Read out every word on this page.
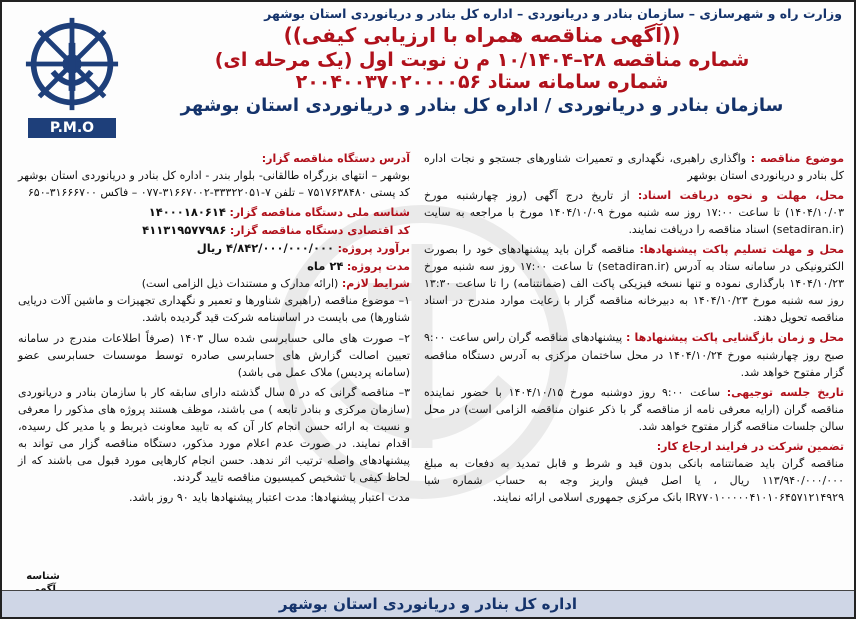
P.M.O
وزارت راه و شهرسازی – سازمان بنادر و دریانوردی – اداره کل بنادر و دریانوردی استان بوشهر
((آگهی مناقصه همراه با ارزیابی کیفی))
شماره مناقصه ۲۸–۱۰/۱۴۰۴ م ن نوبت اول (یک مرحله ای)
شماره سامانه ستاد ۲۰۰۴۰۰۳۷۰۲۰۰۰۰۵۶
سازمان بنادر و دریانوردی / اداره کل بنادر و دریانوردی استان بوشهر
موضوع مناقصه : واگذاری راهبری، نگهداری و تعمیرات شناورهای جستجو و نجات اداره کل بنادر و دریانوردی استان بوشهر
محل، مهلت و نحوه دریافت اسناد: از تاریخ درج آگهی (روز چهارشنبه مورخ ۱۴۰۴/۱۰/۰۳) تا ساعت ۱۷:۰۰ روز سه شنبه مورخ ۱۴۰۴/۱۰/۰۹ مورخ با مراجعه به سایت (setadiran.ir) اسناد مناقصه را دریافت نمایند.
محل و مهلت تسلیم پاکت پیشنهادها: مناقصه گران باید پیشنهادهای خود را بصورت الکترونیکی در سامانه ستاد به آدرس (setadiran.ir) تا ساعت ۱۷:۰۰ روز سه شنبه مورخ ۱۴۰۴/۱۰/۲۳ بارگذاری نموده و تنها نسخه فیزیکی پاکت الف (ضمانتنامه) را تا ساعت ۱۳:۳۰ روز سه شنبه مورخ ۱۴۰۴/۱۰/۲۳ به دبیرخانه مناقصه گزار با رعایت موارد مندرج در اسناد مناقصه تحویل دهند.
محل و زمان بازگشایی پاکت پیشنهادها : پیشنهادهای مناقصه گران راس ساعت ۹:۰۰ صبح روز چهارشنبه مورخ ۱۴۰۴/۱۰/۲۴ در محل ساختمان مرکزی به آدرس دستگاه مناقصه گزار مفتوح خواهد شد.
تاریخ جلسه توجیهی: ساعت ۹:۰۰ روز دوشنبه مورخ ۱۴۰۴/۱۰/۱۵ با حضور نماینده مناقصه گران (ارایه معرفی نامه از مناقصه گر با ذکر عنوان مناقصه الزامی است) در محل سالن جلسات مناقصه گزار مفتوح خواهد شد.
تضمین شرکت در فرایند ارجاع کار:
مناقصه گران باید ضمانتنامه بانکی بدون قید و شرط و قابل تمدید به دفعات به مبلغ ۱۱۳/۹۴۰/۰۰۰/۰۰۰ ریال ، یا اصل فیش واریز وجه به حساب شماره شبا IR۷۷۰۱۰۰۰۰۰۴۱۰۱۰۶۴۵۷۱۲۱۴۹۲۹ بانک مرکزی جمهوری اسلامی ارائه نمایند.
آدرس دستگاه مناقصه گزار:
بوشهر – انتهای بزرگراه طالقانی- بلوار بندر - اداره کل بنادر و دریانوردی استان بوشهر کد پستی ۷۵۱۷۶۳۸۴۸۰ – تلفن ۷-۳۳۳۲۲۰۵۱-۳۱۶۶۷۰۰۲-۰۷۷ – فاکس ۳۱۶۶۶۷۰۰-۶۵۰
شناسه ملی دستگاه مناقصه گزار: ۱۴۰۰۰۱۸۰۶۱۴
کد اقتصادی دستگاه مناقصه گزار: ۴۱۱۳۱۹۵۷۷۹۸۶
برآورد پروژه: ۴/۸۴۲/۰۰۰/۰۰۰/۰۰۰ ریال
مدت پروژه: ۲۴ ماه
شرایط لازم: (ارائه مدارک و مستندات ذیل الزامی است)
۱– موضوع مناقصه (راهبری شناورها و تعمیر و نگهداری تجهیزات و ماشین آلات دریایی شناورها) می بایست در اساسنامه شرکت قید گردیده باشد.
۲– صورت های مالی حسابرسی شده سال ۱۴۰۳ (صرفاً اطلاعات مندرج در سامانه تعیین اصالت گزارش های حسابرسی صادره توسط موسسات حسابرسی عضو (سامانه پردیس) ملاک عمل می باشد)
۳– مناقصه گرانی که در ۵ سال گذشته دارای سابقه کار با سازمان بنادر و دریانوردی (سازمان مرکزی و بنادر تابعه ) می باشند، موظف هستند پروژه های مذکور را معرفی و نسبت به ارائه حسن انجام کار آن که به تایید معاونت ذیربط و یا مدیر کل رسیده، اقدام نمایند. در صورت عدم اعلام مورد مذکور، دستگاه مناقصه گزار می تواند به پیشنهادهای واصله ترتیب اثر ندهد. حسن انجام کارهایی مورد قبول می باشند که از لحاظ کیفی با تشخیص کمیسیون مناقصه تایید گردند.
مدت اعتبار پیشنهادها: مدت اعتبار پیشنهادها باید ۹۰ روز باشد.
شناسه
اداره کل بنادر و دریانوردی استان بوشهر
